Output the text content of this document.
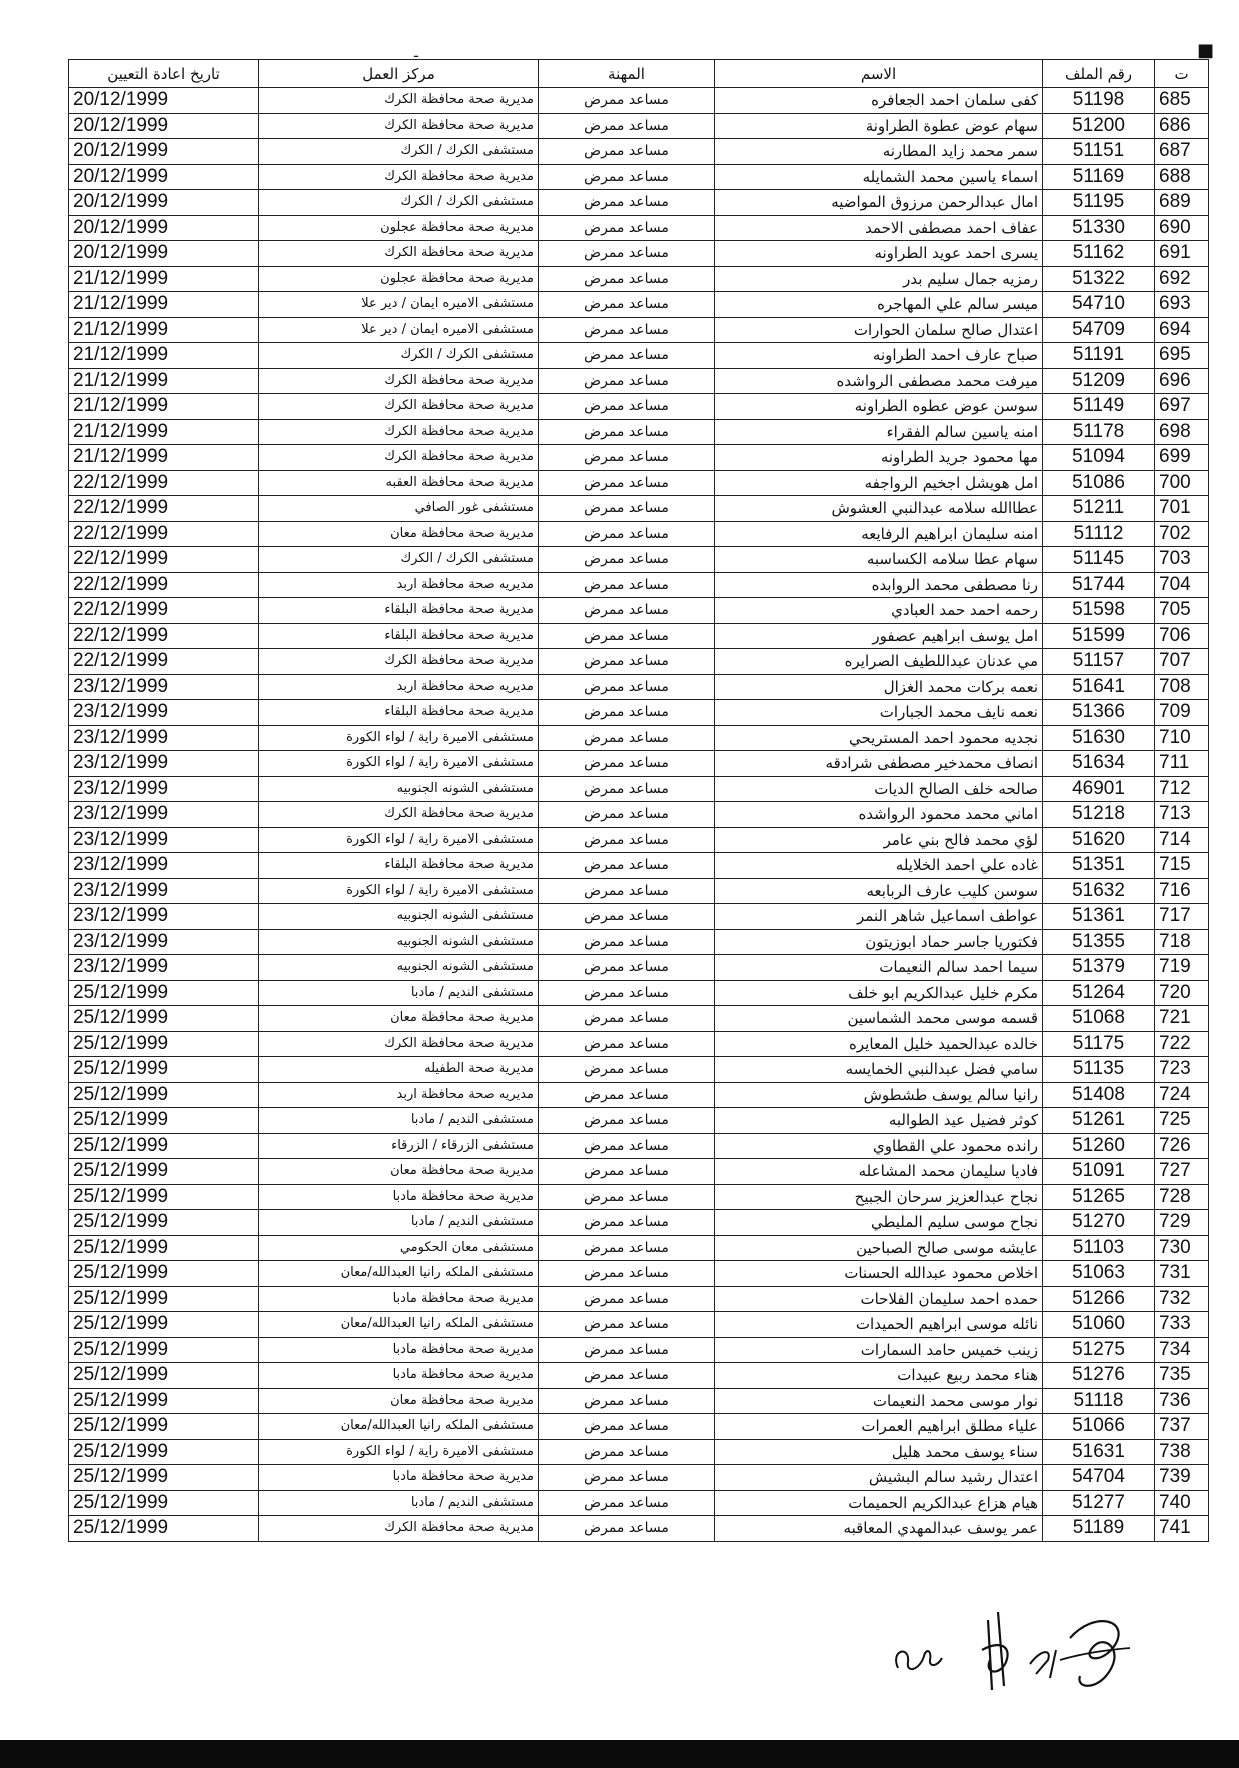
ـ	■
ت	رقم الملف	الاسم	المهنة	مركز العمل	تاريخ اعادة التعيين
685	51198	كفى سلمان احمد الجعافره	مساعد ممرض	مديرية صحة محافظة الكرك	20/12/1999
686	51200	سهام عوض عطوة الطراونة	مساعد ممرض	مديرية صحة محافظة الكرك	20/12/1999
687	51151	سمر محمد زايد المطارنه	مساعد ممرض	مستشفى الكرك / الكرك	20/12/1999
688	51169	اسماء ياسين محمد الشمايله	مساعد ممرض	مديرية صحة محافظة الكرك	20/12/1999
689	51195	امال عبدالرحمن مرزوق المواضيه	مساعد ممرض	مستشفى الكرك / الكرك	20/12/1999
690	51330	عفاف احمد مصطفى الاحمد	مساعد ممرض	مديرية صحة محافظة عجلون	20/12/1999
691	51162	يسرى احمد عويد الطراونه	مساعد ممرض	مديرية صحة محافظة الكرك	20/12/1999
692	51322	رمزيه جمال سليم بدر	مساعد ممرض	مديرية صحة محافظة عجلون	21/12/1999
693	54710	ميسر سالم علي المهاجره	مساعد ممرض	مستشفى الاميره ايمان / دير علا	21/12/1999
694	54709	اعتدال صالح سلمان الحوارات	مساعد ممرض	مستشفى الاميره ايمان / دير علا	21/12/1999
695	51191	صباح عارف احمد الطراونه	مساعد ممرض	مستشفى الكرك / الكرك	21/12/1999
696	51209	ميرفت محمد مصطفى الرواشده	مساعد ممرض	مديرية صحة محافظة الكرك	21/12/1999
697	51149	سوسن عوض عطوه الطراونه	مساعد ممرض	مديرية صحة محافظة الكرك	21/12/1999
698	51178	امنه ياسين سالم الفقراء	مساعد ممرض	مديرية صحة محافظة الكرك	21/12/1999
699	51094	مها محمود جريد الطراونه	مساعد ممرض	مديرية صحة محافظة الكرك	21/12/1999
700	51086	امل هويشل اجخيم الرواجفه	مساعد ممرض	مديرية صحة محافظة العقبه	22/12/1999
701	51211	عطاالله سلامه عبدالنبي العشوش	مساعد ممرض	مستشفى غور الصافي	22/12/1999
702	51112	امنه سليمان ابراهيم الرفايعه	مساعد ممرض	مديرية صحة محافظة معان	22/12/1999
703	51145	سهام عطا سلامه الكساسبه	مساعد ممرض	مستشفى الكرك / الكرك	22/12/1999
704	51744	رنا مصطفى محمد الروابده	مساعد ممرض	مديريه صحة محافظة اربد	22/12/1999
705	51598	رحمه احمد حمد العبادي	مساعد ممرض	مديرية صحة محافظة البلقاء	22/12/1999
706	51599	امل يوسف ابراهيم عصفور	مساعد ممرض	مديرية صحة محافظة البلقاء	22/12/1999
707	51157	مي عدنان عبداللطيف الصرايره	مساعد ممرض	مديرية صحة محافظة الكرك	22/12/1999
708	51641	نعمه بركات محمد الغزال	مساعد ممرض	مديريه صحة محافظة اربد	23/12/1999
709	51366	نعمه نايف محمد الجبارات	مساعد ممرض	مديرية صحة محافظة البلقاء	23/12/1999
710	51630	نجديه محمود احمد المستريحي	مساعد ممرض	مستشفى الاميرة راية / لواء الكورة	23/12/1999
711	51634	انصاف محمدخير مصطفى شرادقه	مساعد ممرض	مستشفى الاميرة راية / لواء الكورة	23/12/1999
712	46901	صالحه خلف الصالح الديات	مساعد ممرض	مستشفى الشونه الجنوبيه	23/12/1999
713	51218	اماني محمد محمود الرواشده	مساعد ممرض	مديرية صحة محافظة الكرك	23/12/1999
714	51620	لؤي محمد فالح بني عامر	مساعد ممرض	مستشفى الاميرة راية / لواء الكورة	23/12/1999
715	51351	غاده علي احمد الخلايله	مساعد ممرض	مديرية صحة محافظة البلقاء	23/12/1999
716	51632	سوسن كليب عارف الربابعه	مساعد ممرض	مستشفى الاميرة راية / لواء الكورة	23/12/1999
717	51361	عواطف اسماعيل شاهر النمر	مساعد ممرض	مستشفى الشونه الجنوبيه	23/12/1999
718	51355	فكتوريا جاسر حماد ابوزيتون	مساعد ممرض	مستشفى الشونه الجنوبيه	23/12/1999
719	51379	سيما احمد سالم النعيمات	مساعد ممرض	مستشفى الشونه الجنوبيه	23/12/1999
720	51264	مكرم خليل عبدالكريم ابو خلف	مساعد ممرض	مستشفى النديم / مادبا	25/12/1999
721	51068	قسمه موسى محمد الشماسين	مساعد ممرض	مديرية صحة محافظة معان	25/12/1999
722	51175	خالده عبدالحميد خليل المعايره	مساعد ممرض	مديرية صحة محافظة الكرك	25/12/1999
723	51135	سامي فضل عبدالنبي الخمايسه	مساعد ممرض	مديرية صحة الطفيله	25/12/1999
724	51408	رانيا سالم يوسف طشطوش	مساعد ممرض	مديريه صحة محافظة اربد	25/12/1999
725	51261	كوثر فضيل عيد الطوالبه	مساعد ممرض	مستشفى النديم / مادبا	25/12/1999
726	51260	رانده محمود علي القطاوي	مساعد ممرض	مستشفى الزرقاء / الزرقاء	25/12/1999
727	51091	فاديا سليمان محمد المشاعله	مساعد ممرض	مديرية صحة محافظة معان	25/12/1999
728	51265	نجاح عبدالعزيز سرحان الجبيح	مساعد ممرض	مديرية صحة محافظة مادبا	25/12/1999
729	51270	نجاح موسى سليم المليطي	مساعد ممرض	مستشفى النديم / مادبا	25/12/1999
730	51103	عايشه موسى صالح الصباحين	مساعد ممرض	مستشفى معان الحكومي	25/12/1999
731	51063	اخلاص محمود عبدالله الحسنات	مساعد ممرض	مستشفى الملكه رانيا العبدالله/معان	25/12/1999
732	51266	حمده احمد سليمان الفلاحات	مساعد ممرض	مديرية صحة محافظة مادبا	25/12/1999
733	51060	نائله موسى ابراهيم الحميدات	مساعد ممرض	مستشفى الملكه رانيا العبدالله/معان	25/12/1999
734	51275	زينب خميس حامد السمارات	مساعد ممرض	مديرية صحة محافظة مادبا	25/12/1999
735	51276	هناء محمد ربيع عبيدات	مساعد ممرض	مديرية صحة محافظة مادبا	25/12/1999
736	51118	نوار موسى محمد النعيمات	مساعد ممرض	مديرية صحة محافظة معان	25/12/1999
737	51066	علياء مطلق ابراهيم العمرات	مساعد ممرض	مستشفى الملكه رانيا العبدالله/معان	25/12/1999
738	51631	سناء يوسف محمد هليل	مساعد ممرض	مستشفى الاميرة راية / لواء الكورة	25/12/1999
739	54704	اعتدال رشيد سالم البشيش	مساعد ممرض	مديرية صحة محافظة مادبا	25/12/1999
740	51277	هيام هزاع عبدالكريم الحميمات	مساعد ممرض	مستشفى النديم / مادبا	25/12/1999
741	51189	عمر يوسف عبدالمهدي المعاقبه	مساعد ممرض	مديرية صحة محافظة الكرك	25/12/1999
